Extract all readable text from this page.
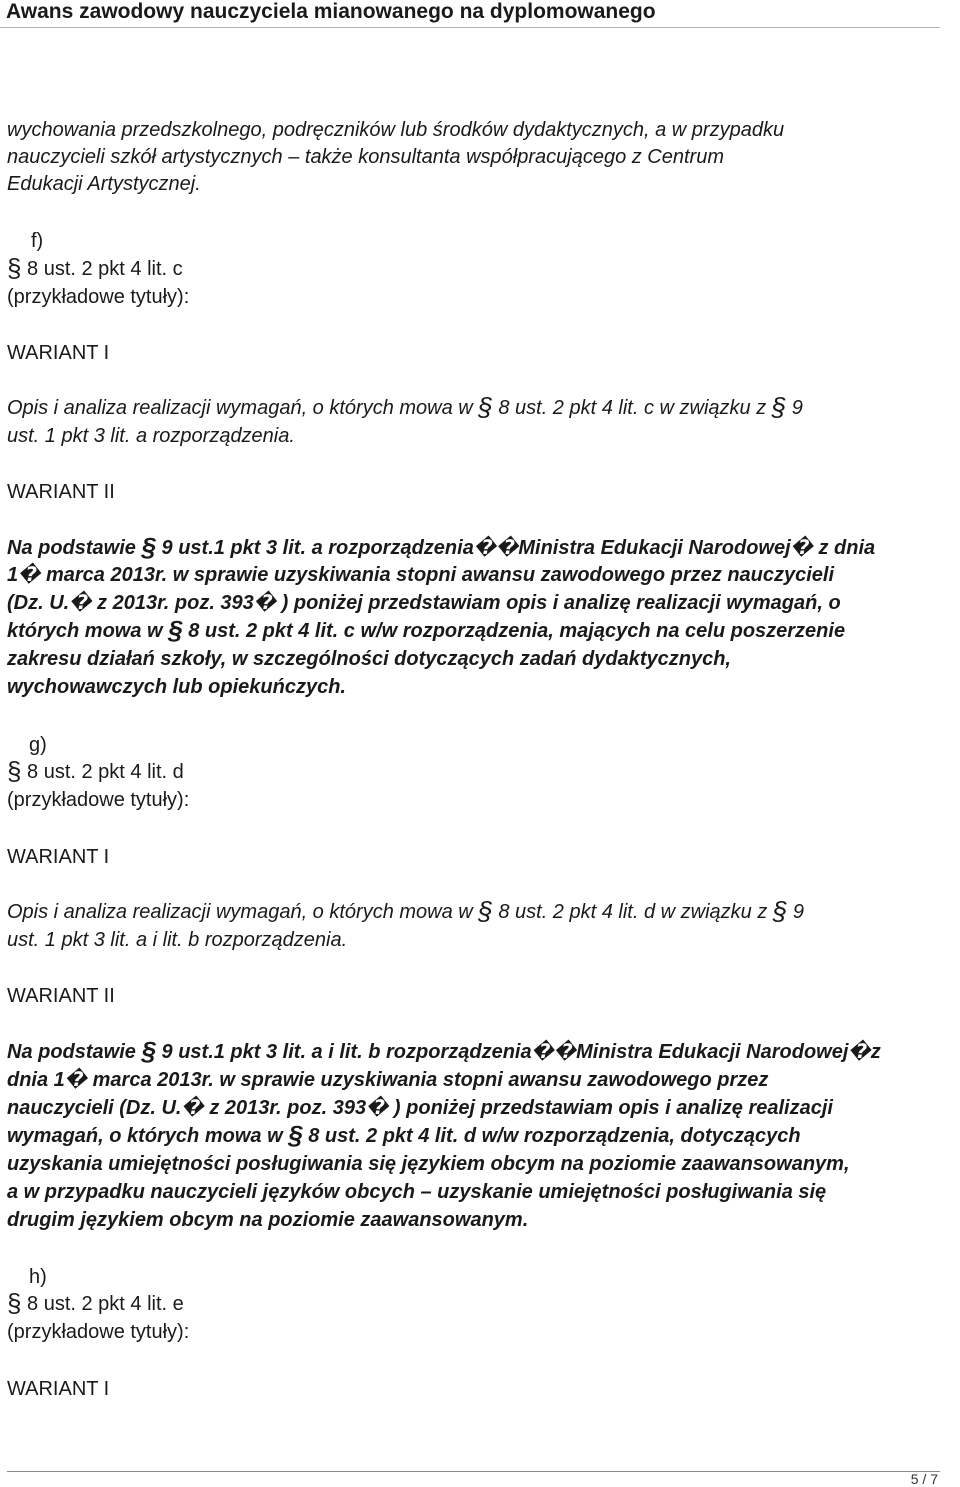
Awans zawodowy nauczyciela mianowanego na dyplomowanego
wychowania przedszkolnego, podręczników lub środków dydaktycznych, a w przypadku
nauczycieli szkół artystycznych – także konsultanta współpracującego z Centrum
Edukacji Artystycznej.
f)
§ 8 ust. 2 pkt 4 lit. c
(przykładowe tytuły):
WARIANT I
Opis i analiza realizacji wymagań, o których mowa w § 8 ust. 2 pkt 4 lit. c w związku z § 9
ust. 1 pkt 3 lit. a rozporządzenia.
WARIANT II
Na podstawie § 9 ust.1 pkt 3 lit. a rozporządzenia��Ministra Edukacji Narodowej� z dnia
1� marca 2013r. w sprawie uzyskiwania stopni awansu zawodowego przez nauczycieli
(Dz. U.� z 2013r. poz. 393� ) poniżej przedstawiam opis i analizę realizacji wymagań, o
których mowa w § 8 ust. 2 pkt 4 lit. c w/w rozporządzenia, mających na celu poszerzenie
zakresu działań szkoły, w szczególności dotyczących zadań dydaktycznych,
wychowawczych lub opiekuńczych.
g)
§ 8 ust. 2 pkt 4 lit. d
(przykładowe tytuły):
WARIANT I
Opis i analiza realizacji wymagań, o których mowa w § 8 ust. 2 pkt 4 lit. d w związku z § 9
ust. 1 pkt 3 lit. a i lit. b rozporządzenia.
WARIANT II
Na podstawie § 9 ust.1 pkt 3 lit. a i lit. b rozporządzenia��Ministra Edukacji Narodowej�z
dnia 1� marca 2013r. w sprawie uzyskiwania stopni awansu zawodowego przez
nauczycieli (Dz. U.� z 2013r. poz. 393� ) poniżej przedstawiam opis i analizę realizacji
wymagań, o których mowa w § 8 ust. 2 pkt 4 lit. d w/w rozporządzenia, dotyczących
uzyskania umiejętności posługiwania się językiem obcym na poziomie zaawansowanym,
a w przypadku nauczycieli języków obcych – uzyskanie umiejętności posługiwania się
drugim językiem obcym na poziomie zaawansowanym.
h)
§ 8 ust. 2 pkt 4 lit. e
(przykładowe tytuły):
WARIANT I
5 / 7
